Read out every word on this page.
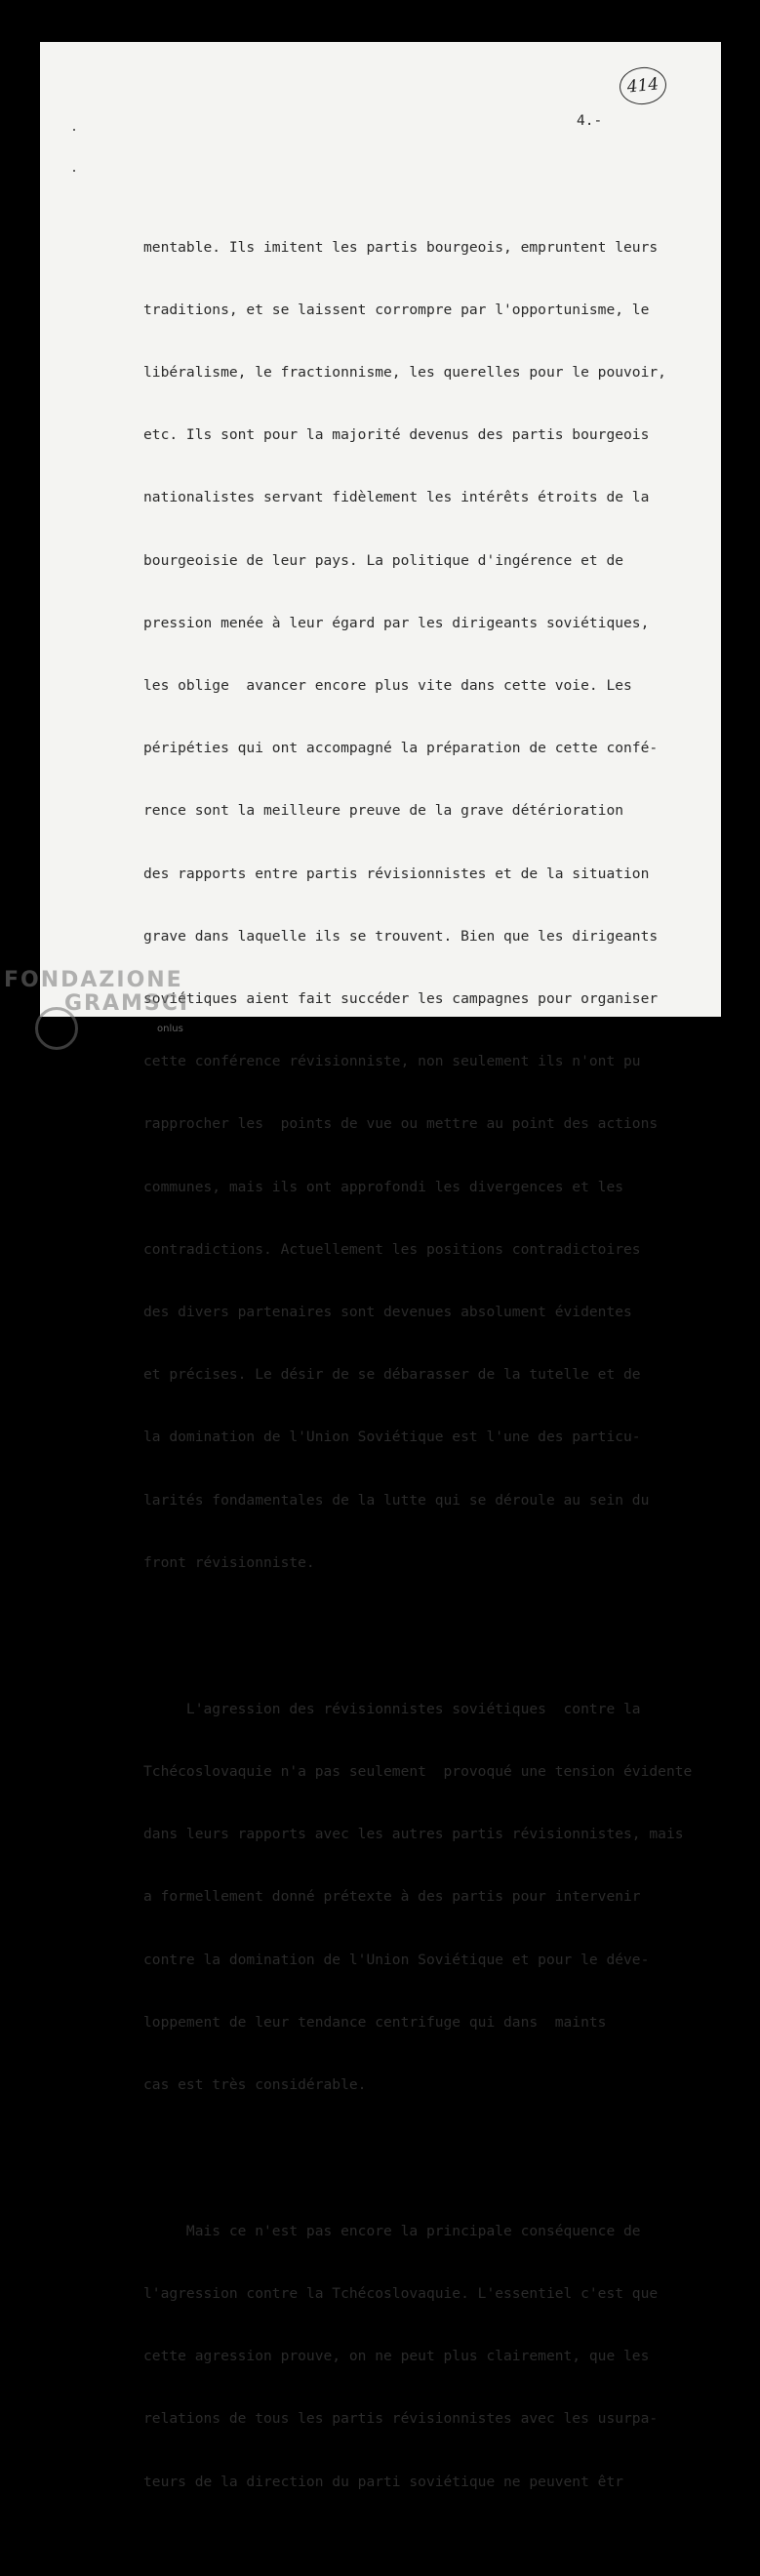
414
4.-

mentable. Ils imitent les partis bourgeois, empruntent leurs

traditions, et se laissent corrompre par l'opportunisme, le

libéralisme, le fractionnisme, les querelles pour le pouvoir,

etc. Ils sont pour la majorité devenus des partis bourgeois

nationalistes servant fidèlement les intérêts étroits de la

bourgeoisie de leur pays. La politique d'ingérence et de

pression menée à leur égard par les dirigeants soviétiques,

les oblige  avancer encore plus vite dans cette voie. Les

péripéties qui ont accompagné la préparation de cette confé-

rence sont la meilleure preuve de la grave détérioration

des rapports entre partis révisionnistes et de la situation

grave dans laquelle ils se trouvent. Bien que les dirigeants

soviétiques aient fait succéder les campagnes pour organiser

cette conférence révisionniste, non seulement ils n'ont pu

rapprocher les  points de vue ou mettre au point des actions

communes, mais ils ont approfondi les divergences et les

contradictions. Actuellement les positions contradictoires

des divers partenaires sont devenues absolument évidentes

et précises. Le désir de se débarasser de la tutelle et de

la domination de l'Union Soviétique est l'une des particu-

larités fondamentales de la lutte qui se déroule au sein du

front révisionniste.

L'agression des révisionnistes soviétiques  contre la

Tchécoslovaquie n'a pas seulement  provoqué une tension évidente

dans leurs rapports avec les autres partis révisionnistes, mais

a formellement donné prétexte à des partis pour intervenir

contre la domination de l'Union Soviétique et pour le déve-

loppement de leur tendance centrifuge qui dans  maints

cas est très considérable.

Mais ce n'est pas encore la principale conséquence de

l'agression contre la Tchécoslovaquie. L'essentiel c'est que

cette agression prouve, on ne peut plus clairement, que les

relations de tous les partis révisionnistes avec les usurpa-

teurs de la direction du parti soviétique ne peuvent êtr

FONDAZIONE
GRAMSCI
onlus
